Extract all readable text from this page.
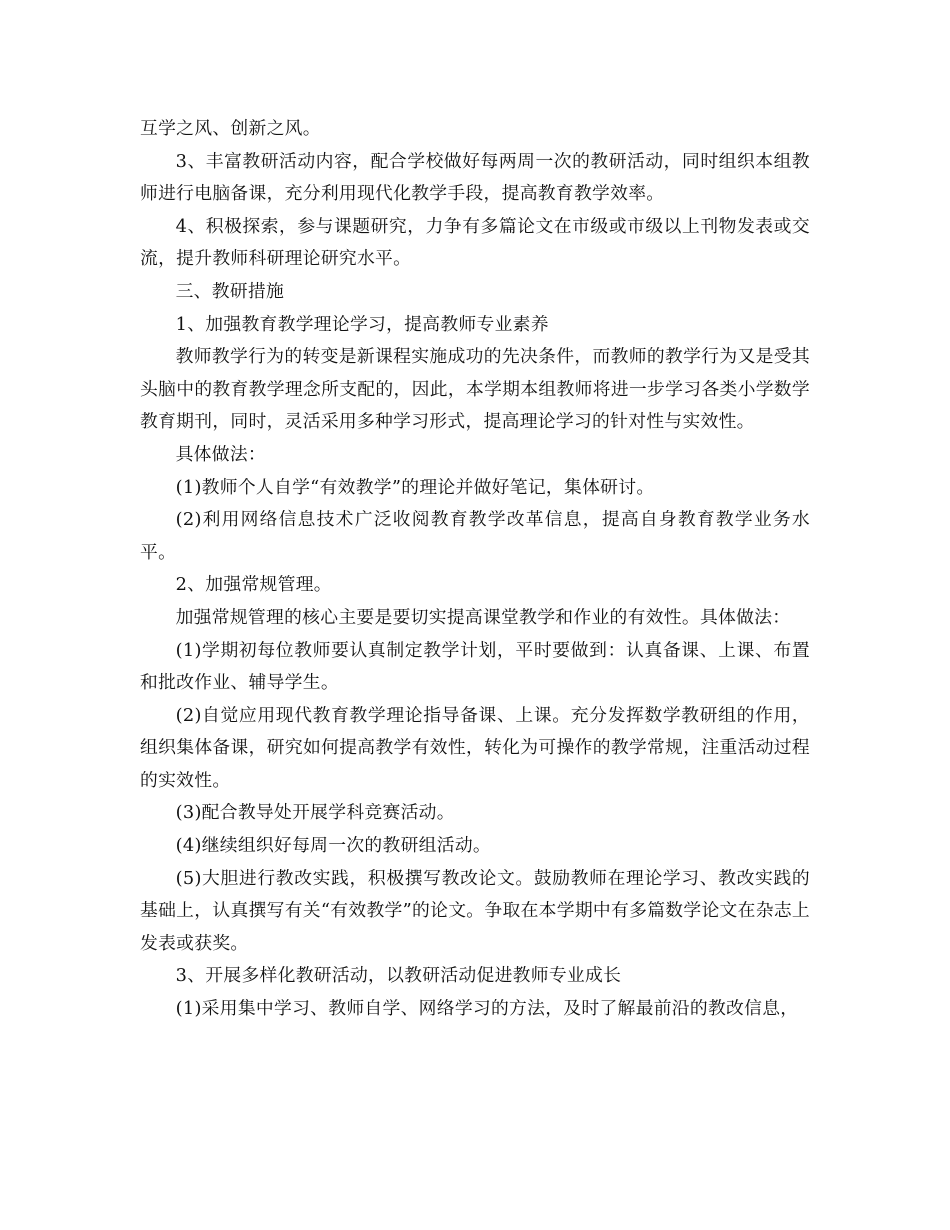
互学之风、创新之风。

3、丰富教研活动内容，配合学校做好每两周一次的教研活动，同时组织本组教师进行电脑备课，充分利用现代化教学手段，提高教育教学效率。

4、积极探索，参与课题研究，力争有多篇论文在市级或市级以上刊物发表或交流，提升教师科研理论研究水平。

三、教研措施

1、加强教育教学理论学习，提高教师专业素养

教师教学行为的转变是新课程实施成功的先决条件，而教师的教学行为又是受其头脑中的教育教学理念所支配的，因此，本学期本组教师将进一步学习各类小学数学教育期刊，同时，灵活采用多种学习形式，提高理论学习的针对性与实效性。

具体做法：

(1)教师个人自学“有效教学”的理论并做好笔记，集体研讨。

(2)利用网络信息技术广泛收阅教育教学改革信息，提高自身教育教学业务水平。

2、加强常规管理。

加强常规管理的核心主要是要切实提高课堂教学和作业的有效性。具体做法：

(1)学期初每位教师要认真制定教学计划，平时要做到：认真备课、上课、布置和批改作业、辅导学生。

(2)自觉应用现代教育教学理论指导备课、上课。充分发挥数学教研组的作用，组织集体备课，研究如何提高教学有效性，转化为可操作的教学常规，注重活动过程的实效性。

(3)配合教导处开展学科竞赛活动。

(4)继续组织好每周一次的教研组活动。

(5)大胆进行教改实践，积极撰写教改论文。鼓励教师在理论学习、教改实践的基础上，认真撰写有关“有效教学”的论文。争取在本学期中有多篇数学论文在杂志上发表或获奖。

3、开展多样化教研活动，以教研活动促进教师专业成长

(1)采用集中学习、教师自学、网络学习的方法，及时了解最前沿的教改信息，
